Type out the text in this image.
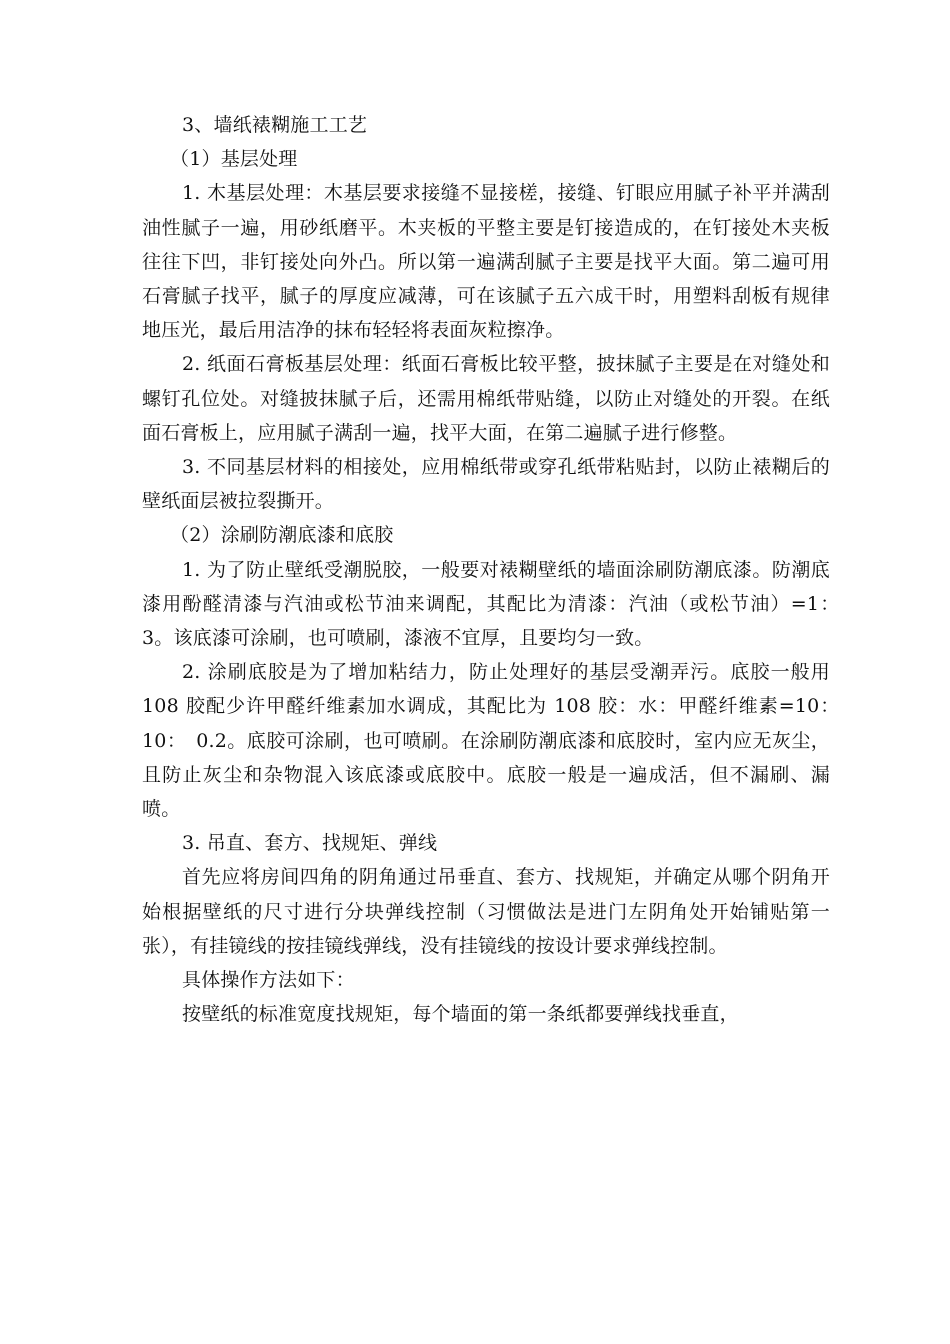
3、墙纸裱糊施工工艺

（1）基层处理

1. 木基层处理：木基层要求接缝不显接槎，接缝、钉眼应用腻子补平并满刮油性腻子一遍，用砂纸磨平。木夹板的平整主要是钉接造成的，在钉接处木夹板往往下凹，非钉接处向外凸。所以第一遍满刮腻子主要是找平大面。第二遍可用石膏腻子找平，腻子的厚度应减薄，可在该腻子五六成干时，用塑料刮板有规律地压光，最后用洁净的抹布轻轻将表面灰粒擦净。

2. 纸面石膏板基层处理：纸面石膏板比较平整，披抹腻子主要是在对缝处和螺钉孔位处。对缝披抹腻子后，还需用棉纸带贴缝，以防止对缝处的开裂。在纸面石膏板上，应用腻子满刮一遍，找平大面，在第二遍腻子进行修整。

3. 不同基层材料的相接处，应用棉纸带或穿孔纸带粘贴封，以防止裱糊后的壁纸面层被拉裂撕开。

（2）涂刷防潮底漆和底胶

1. 为了防止壁纸受潮脱胶，一般要对裱糊壁纸的墙面涂刷防潮底漆。防潮底漆用酚醛清漆与汽油或松节油来调配，其配比为清漆：汽油（或松节油）=1：　3。该底漆可涂刷，也可喷刷，漆液不宜厚，且要均匀一致。

2. 涂刷底胶是为了增加粘结力，防止处理好的基层受潮弄污。底胶一般用 108 胶配少许甲醛纤维素加水调成，其配比为 108 胶：水：甲醛纤维素=10：　10：　0.2。底胶可涂刷，也可喷刷。在涂刷防潮底漆和底胶时，室内应无灰尘，且防止灰尘和杂物混入该底漆或底胶中。底胶一般是一遍成活，但不漏刷、漏喷。

3. 吊直、套方、找规矩、弹线

首先应将房间四角的阴角通过吊垂直、套方、找规矩，并确定从哪个阴角开始根据壁纸的尺寸进行分块弹线控制（习惯做法是进门左阴角处开始铺贴第一张），有挂镜线的按挂镜线弹线，没有挂镜线的按设计要求弹线控制。

具体操作方法如下：

按壁纸的标准宽度找规矩，每个墙面的第一条纸都要弹线找垂直，
